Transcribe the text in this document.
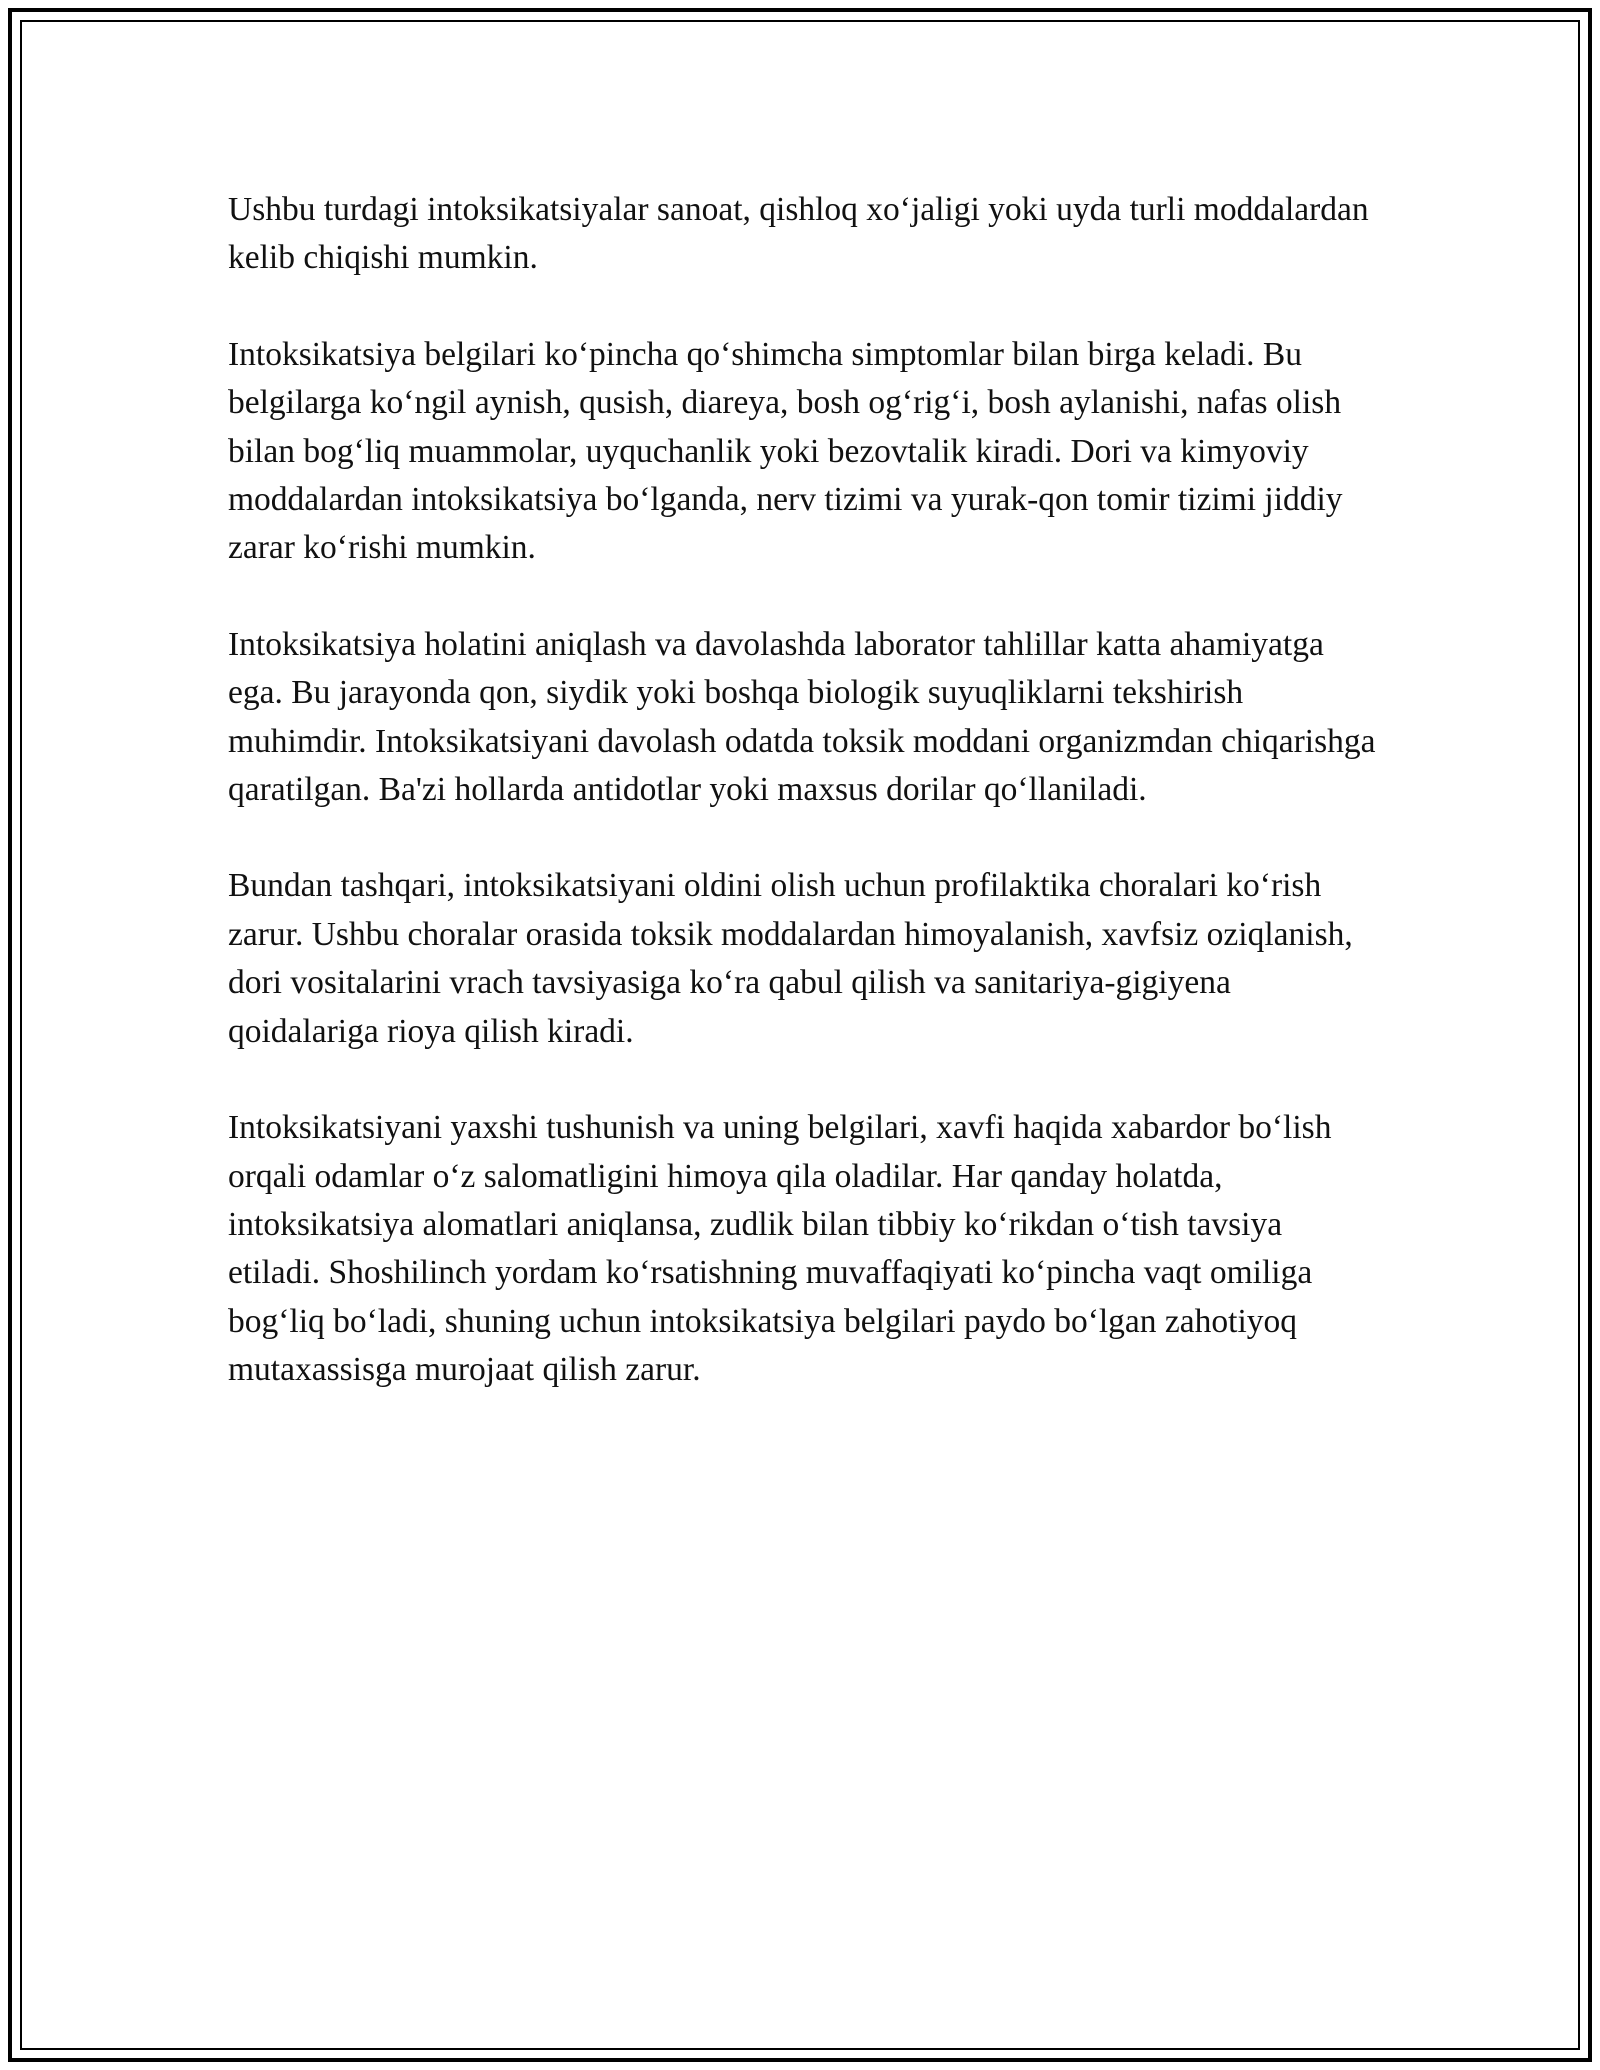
Ushbu turdagi intoksikatsiyalar sanoat, qishloq xo‘jaligi yoki uyda turli moddalardan kelib chiqishi mumkin.

Intoksikatsiya belgilari ko‘pincha qo‘shimcha simptomlar bilan birga keladi. Bu belgilarga ko‘ngil aynish, qusish, diareya, bosh og‘rig‘i, bosh aylanishi, nafas olish bilan bog‘liq muammolar, uyquchanlik yoki bezovtalik kiradi. Dori va kimyoviy moddalardan intoksikatsiya bo‘lganda, nerv tizimi va yurak-qon tomir tizimi jiddiy zarar ko‘rishi mumkin.

Intoksikatsiya holatini aniqlash va davolashda laborator tahlillar katta ahamiyatga ega. Bu jarayonda qon, siydik yoki boshqa biologik suyuqliklarni tekshirish muhimdir. Intoksikatsiyani davolash odatda toksik moddani organizmdan chiqarishga qaratilgan. Ba'zi hollarda antidotlar yoki maxsus dorilar qo‘llaniladi.

Bundan tashqari, intoksikatsiyani oldini olish uchun profilaktika choralari ko‘rish zarur. Ushbu choralar orasida toksik moddalardan himoyalanish, xavfsiz oziqlanish, dori vositalarini vrach tavsiyasiga ko‘ra qabul qilish va sanitariya-gigiyena qoidalariga rioya qilish kiradi.

Intoksikatsiyani yaxshi tushunish va uning belgilari, xavfi haqida xabardor bo‘lish orqali odamlar o‘z salomatligini himoya qila oladilar. Har qanday holatda, intoksikatsiya alomatlari aniqlansa, zudlik bilan tibbiy ko‘rikdan o‘tish tavsiya etiladi. Shoshilinch yordam ko‘rsatishning muvaffaqiyati ko‘pincha vaqt omiliga bog‘liq bo‘ladi, shuning uchun intoksikatsiya belgilari paydo bo‘lgan zahotiyoq mutaxassisga murojaat qilish zarur.
